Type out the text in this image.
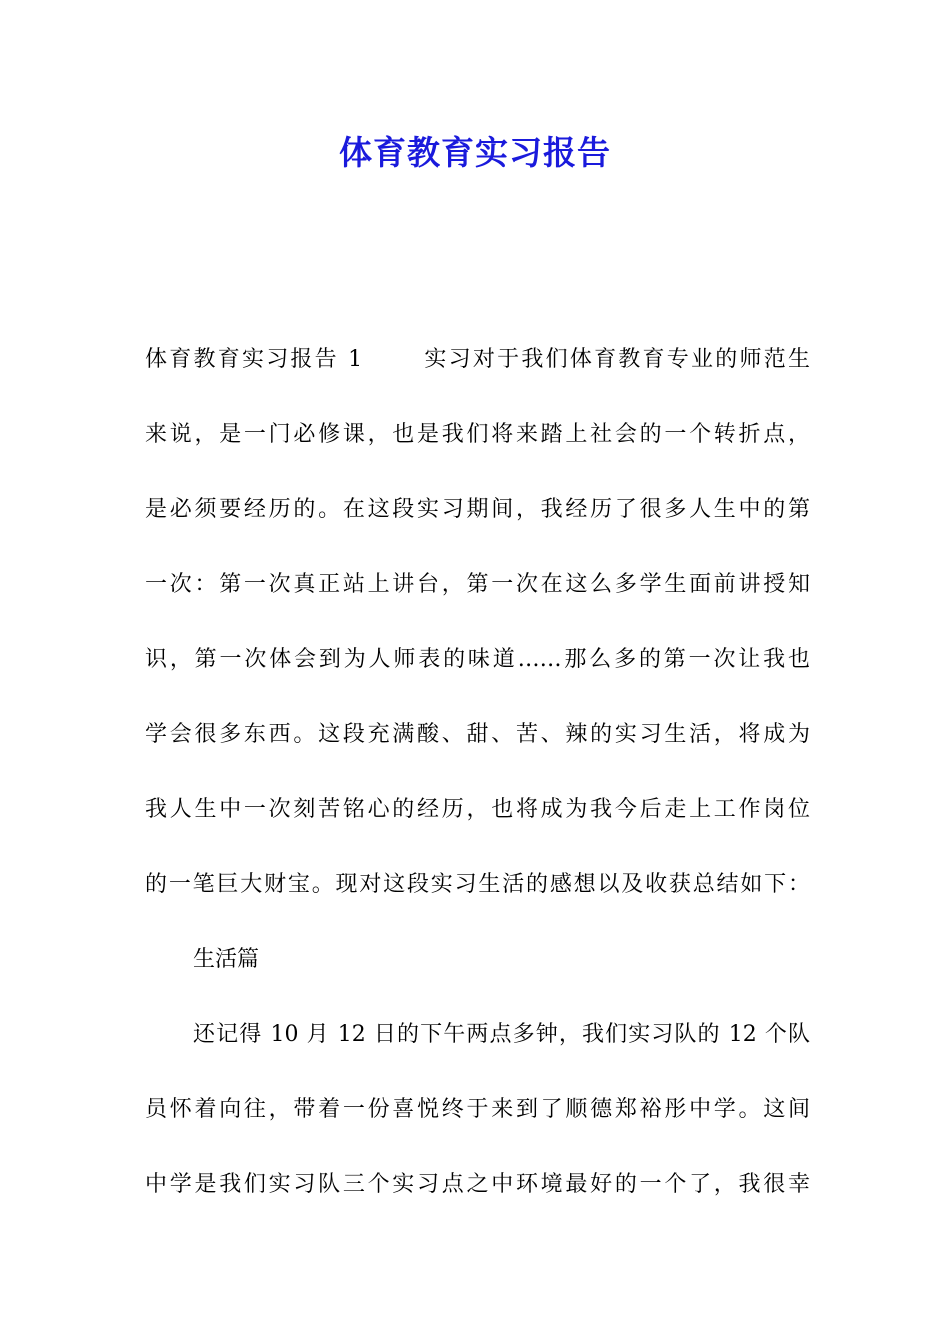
体育教育实习报告
体育教育实习报告 1	实习对于我们体育教育专业的师范生
来说，是一门必修课，也是我们将来踏上社会的一个转折点，
是必须要经历的。在这段实习期间，我经历了很多人生中的第
一次：第一次真正站上讲台，第一次在这么多学生面前讲授知
识，第一次体会到为人师表的味道……那么多的第一次让我也
学会很多东西。这段充满酸、甜、苦、辣的实习生活，将成为
我人生中一次刻苦铭心的经历，也将成为我今后走上工作岗位
的一笔巨大财宝。现对这段实习生活的感想以及收获总结如下：
生活篇
还记得 10 月 12 日的下午两点多钟，我们实习队的 12 个队
员怀着向往，带着一份喜悦终于来到了顺德郑裕彤中学。这间
中学是我们实习队三个实习点之中环境最好的一个了，我很幸
